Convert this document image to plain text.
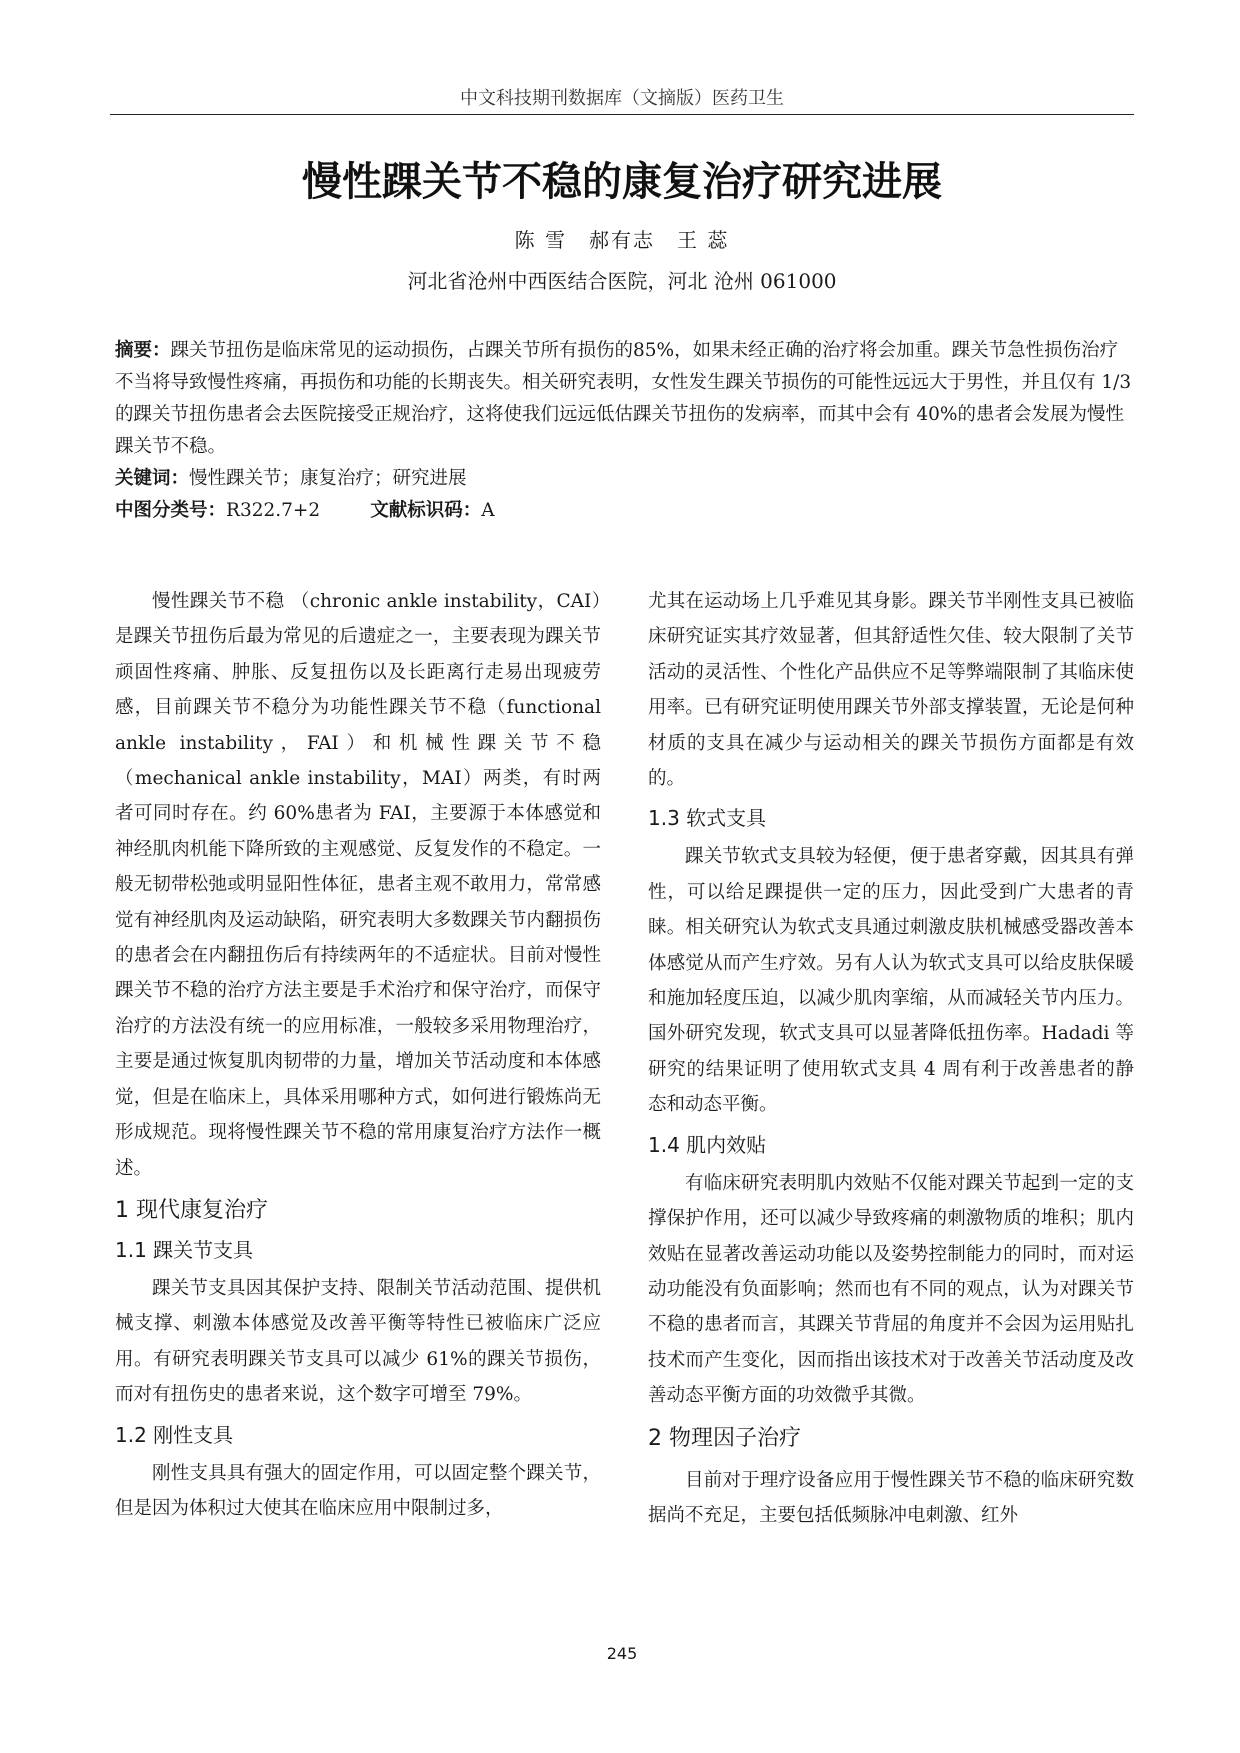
中文科技期刊数据库（文摘版）医药卫生
慢性踝关节不稳的康复治疗研究进展
陈 雪　郝有志　王 蕊
河北省沧州中西医结合医院，河北 沧州 061000

摘要：踝关节扭伤是临床常见的运动损伤，占踝关节所有损伤的85%，如果未经正确的治疗将会加重。踝关节急性损伤治疗不当将导致慢性疼痛，再损伤和功能的长期丧失。相关研究表明，女性发生踝关节损伤的可能性远远大于男性，并且仅有 1/3 的踝关节扭伤患者会去医院接受正规治疗，这将使我们远远低估踝关节扭伤的发病率，而其中会有 40%的患者会发展为慢性踝关节不稳。

关键词：慢性踝关节；康复治疗；研究进展

中图分类号：R322.7+2	文献标识码：A

慢性踝关节不稳 （chronic ankle instability，CAI）是踝关节扭伤后最为常见的后遗症之一，主要表现为踝关节顽固性疼痛、肿胀、反复扭伤以及长距离行走易出现疲劳感，目前踝关节不稳分为功能性踝关节不稳（functional ankle instability，FAI）和机械性踝关节不稳（mechanical ankle instability，MAI）两类，有时两者可同时存在。约 60%患者为 FAI，主要源于本体感觉和神经肌肉机能下降所致的主观感觉、反复发作的不稳定。一般无韧带松弛或明显阳性体征，患者主观不敢用力，常常感觉有神经肌肉及运动缺陷，研究表明大多数踝关节内翻损伤的患者会在内翻扭伤后有持续两年的不适症状。目前对慢性踝关节不稳的治疗方法主要是手术治疗和保守治疗，而保守治疗的方法没有统一的应用标准，一般较多采用物理治疗，主要是通过恢复肌肉韧带的力量，增加关节活动度和本体感觉，但是在临床上，具体采用哪种方式，如何进行锻炼尚无形成规范。现将慢性踝关节不稳的常用康复治疗方法作一概述。

1 现代康复治疗
1.1 踝关节支具

踝关节支具因其保护支持、限制关节活动范围、提供机械支撑、刺激本体感觉及改善平衡等特性已被临床广泛应用。有研究表明踝关节支具可以减少 61%的踝关节损伤，而对有扭伤史的患者来说，这个数字可增至 79%。

1.2 刚性支具

刚性支具具有强大的固定作用，可以固定整个踝关节，但是因为体积过大使其在临床应用中限制过多，

尤其在运动场上几乎难见其身影。踝关节半刚性支具已被临床研究证实其疗效显著，但其舒适性欠佳、较大限制了关节活动的灵活性、个性化产品供应不足等弊端限制了其临床使用率。已有研究证明使用踝关节外部支撑装置，无论是何种材质的支具在减少与运动相关的踝关节损伤方面都是有效的。

1.3 软式支具

踝关节软式支具较为轻便，便于患者穿戴，因其具有弹性，可以给足踝提供一定的压力，因此受到广大患者的青睐。相关研究认为软式支具通过刺激皮肤机械感受器改善本体感觉从而产生疗效。另有人认为软式支具可以给皮肤保暖和施加轻度压迫，以减少肌肉挛缩，从而减轻关节内压力。国外研究发现，软式支具可以显著降低扭伤率。Hadadi 等研究的结果证明了使用软式支具 4 周有利于改善患者的静态和动态平衡。

1.4 肌内效贴

有临床研究表明肌内效贴不仅能对踝关节起到一定的支撑保护作用，还可以减少导致疼痛的刺激物质的堆积；肌内效贴在显著改善运动功能以及姿势控制能力的同时，而对运动功能没有负面影响；然而也有不同的观点，认为对踝关节不稳的患者而言，其踝关节背屈的角度并不会因为运用贴扎技术而产生变化，因而指出该技术对于改善关节活动度及改善动态平衡方面的功效微乎其微。

2 物理因子治疗

目前对于理疗设备应用于慢性踝关节不稳的临床研究数据尚不充足，主要包括低频脉冲电刺激、红外

245
